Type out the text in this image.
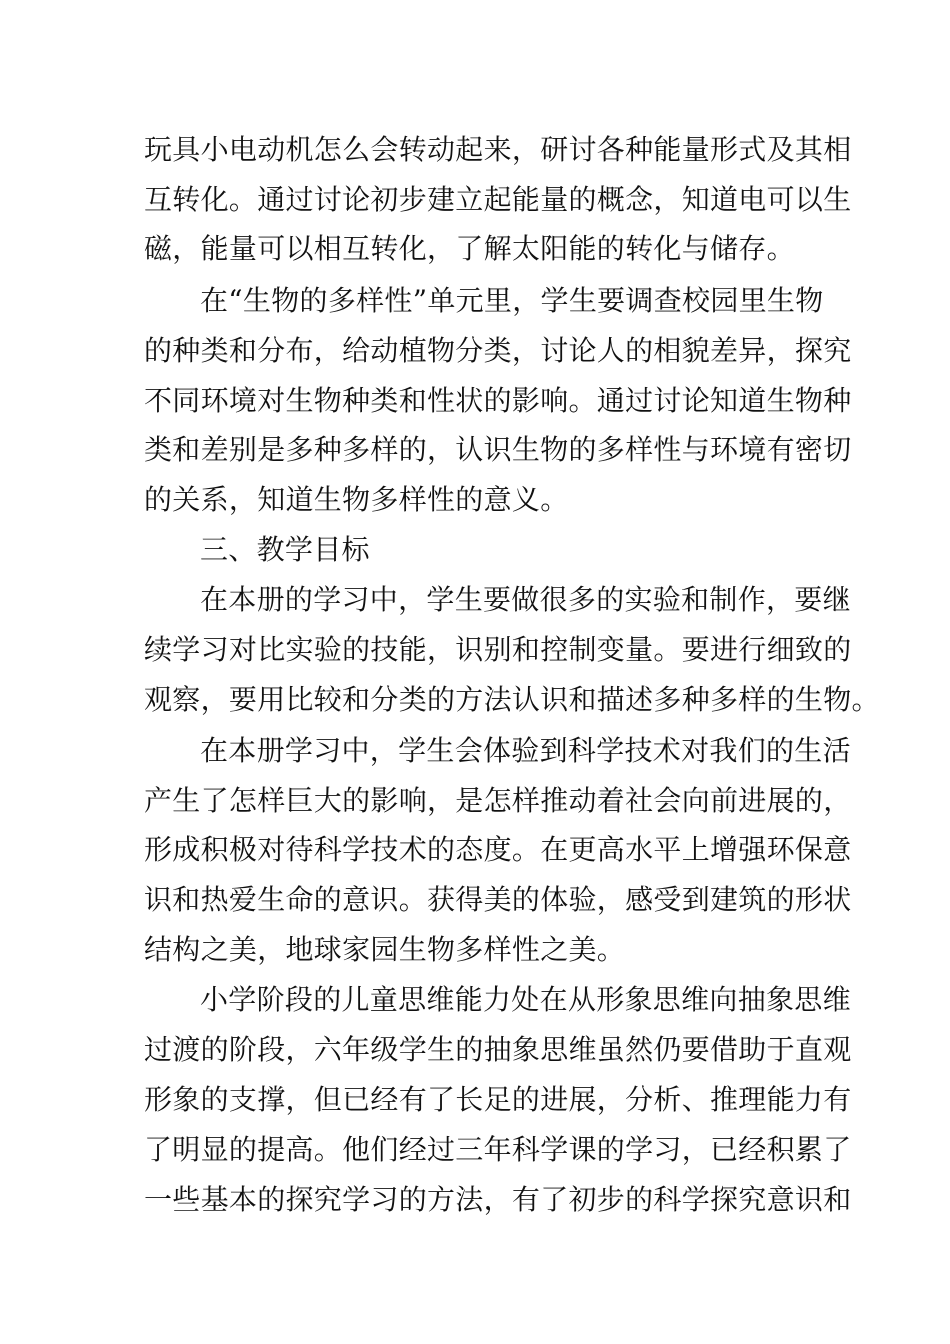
玩具小电动机怎么会转动起来，研讨各种能量形式及其相
互转化。通过讨论初步建立起能量的概念，知道电可以生
磁，能量可以相互转化，了解太阳能的转化与储存。
在“生物的多样性”单元里，学生要调查校园里生物
的种类和分布，给动植物分类，讨论人的相貌差异，探究
不同环境对生物种类和性状的影响。通过讨论知道生物种
类和差别是多种多样的，认识生物的多样性与环境有密切
的关系，知道生物多样性的意义。
三、教学目标
在本册的学习中，学生要做很多的实验和制作，要继
续学习对比实验的技能，识别和控制变量。要进行细致的
观察，要用比较和分类的方法认识和描述多种多样的生物。
在本册学习中，学生会体验到科学技术对我们的生活
产生了怎样巨大的影响，是怎样推动着社会向前进展的，
形成积极对待科学技术的态度。在更高水平上增强环保意
识和热爱生命的意识。获得美的体验，感受到建筑的形状
结构之美，地球家园生物多样性之美。
小学阶段的儿童思维能力处在从形象思维向抽象思维
过渡的阶段，六年级学生的抽象思维虽然仍要借助于直观
形象的支撑，但已经有了长足的进展，分析、推理能力有
了明显的提高。他们经过三年科学课的学习，已经积累了
一些基本的探究学习的方法，有了初步的科学探究意识和
